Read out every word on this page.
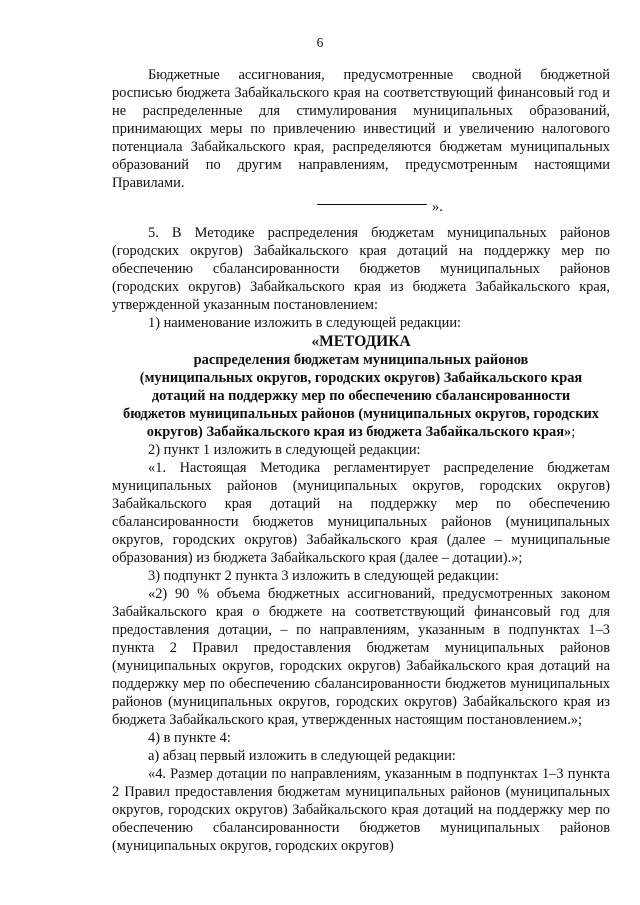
6

Бюджетные ассигнования, предусмотренные сводной бюджетной росписью бюджета Забайкальского края на соответствующий финансовый год и не распределенные для стимулирования муниципальных образований, принимающих меры по привлечению инвестиций и увеличению налогового потенциала Забайкальского края, распределяются бюджетам муниципальных образований по другим направлениям, предусмотренным настоящими Правилами.

».

5. В Методике распределения бюджетам муниципальных районов (городских округов) Забайкальского края дотаций на поддержку мер по обеспечению сбалансированности бюджетов муниципальных районов (городских округов) Забайкальского края из бюджета Забайкальского края, утвержденной указанным постановлением:

1) наименование изложить в следующей редакции:

«МЕТОДИКА
распределения бюджетам муниципальных районов
(муниципальных округов, городских округов) Забайкальского края
дотаций на поддержку мер по обеспечению сбалансированности
бюджетов муниципальных районов (муниципальных округов, городских
округов) Забайкальского края из бюджета Забайкальского края»;

2) пункт 1 изложить в следующей редакции:

«1. Настоящая Методика регламентирует распределение бюджетам муниципальных районов (муниципальных округов, городских округов) Забайкальского края дотаций на поддержку мер по обеспечению сбалансированности бюджетов муниципальных районов (муниципальных округов, городских округов) Забайкальского края (далее – муниципальные образования) из бюджета Забайкальского края (далее – дотации).»;

3) подпункт 2 пункта 3 изложить в следующей редакции:

«2) 90 % объема бюджетных ассигнований, предусмотренных законом Забайкальского края о бюджете на соответствующий финансовый год для предоставления дотации, – по направлениям, указанным в подпунктах 1–3 пункта 2 Правил предоставления бюджетам муниципальных районов (муниципальных округов, городских округов) Забайкальского края дотаций на поддержку мер по обеспечению сбалансированности бюджетов муниципальных районов (муниципальных округов, городских округов) Забайкальского края из бюджета Забайкальского края, утвержденных настоящим постановлением.»;

4) в пункте 4:

а) абзац первый изложить в следующей редакции:

«4. Размер дотации по направлениям, указанным в подпунктах 1–3 пункта 2 Правил предоставления бюджетам муниципальных районов (муниципальных округов, городских округов) Забайкальского края дотаций на поддержку мер по обеспечению сбалансированности бюджетов муниципальных районов (муниципальных округов, городских округов)
